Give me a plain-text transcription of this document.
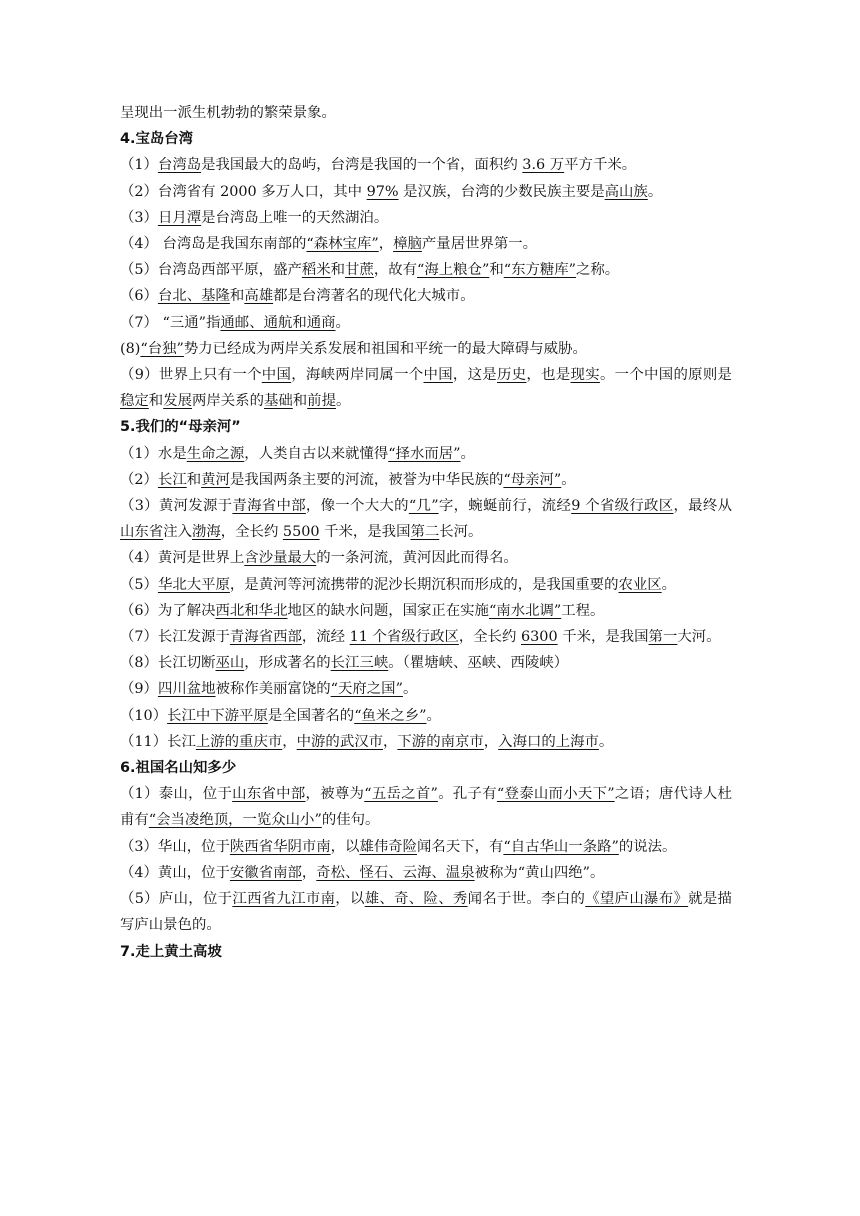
呈现出一派生机勃勃的繁荣景象。

4.宝岛台湾

（1）台湾岛是我国最大的岛屿，台湾是我国的一个省，面积约 3.6 万平方千米。

（2）台湾省有 2000 多万人口，其中 97% 是汉族，台湾的少数民族主要是高山族。

（3）日月潭是台湾岛上唯一的天然湖泊。

（4） 台湾岛是我国东南部的“森林宝库”，樟脑产量居世界第一。

（5）台湾岛西部平原，盛产稻米和甘蔗，故有“海上粮仓”和“东方糖库”之称。

（6）台北、基隆和高雄都是台湾著名的现代化大城市。

（7） “三通”指通邮、通航和通商。

(8)“台独”势力已经成为两岸关系发展和祖国和平统一的最大障碍与威胁。

（9）世界上只有一个中国，海峡两岸同属一个中国，这是历史，也是现实。一个中国的原则是稳定和发展两岸关系的基础和前提。

5.我们的“母亲河”

（1）水是生命之源，人类自古以来就懂得“择水而居”。

（2）长江和黄河是我国两条主要的河流，被誉为中华民族的“母亲河”。

（3）黄河发源于青海省中部，像一个大大的“几”字，蜿蜒前行，流经9 个省级行政区，最终从山东省注入渤海，全长约 5500 千米，是我国第二长河。

（4）黄河是世界上含沙量最大的一条河流，黄河因此而得名。

（5）华北大平原，是黄河等河流携带的泥沙长期沉积而形成的，是我国重要的农业区。

（6）为了解决西北和华北地区的缺水问题，国家正在实施“南水北调”工程。

（7）长江发源于青海省西部，流经 11 个省级行政区，全长约 6300 千米，是我国第一大河。

（8）长江切断巫山，形成著名的长江三峡。（瞿塘峡、巫峡、西陵峡）

（9）四川盆地被称作美丽富饶的“天府之国”。

（10）长江中下游平原是全国著名的“鱼米之乡”。

（11）长江上游的重庆市，中游的武汉市，下游的南京市，入海口的上海市。

6.祖国名山知多少

（1）泰山，位于山东省中部，被尊为“五岳之首”。孔子有“登泰山而小天下”之语；唐代诗人杜甫有“会当凌绝顶，一览众山小”的佳句。

（3）华山，位于陕西省华阴市南，以雄伟奇险闻名天下，有“自古华山一条路”的说法。

（4）黄山，位于安徽省南部，奇松、怪石、云海、温泉被称为“黄山四绝”。

（5）庐山，位于江西省九江市南，以雄、奇、险、秀闻名于世。李白的《望庐山瀑布》就是描写庐山景色的。

7.走上黄土高坡
